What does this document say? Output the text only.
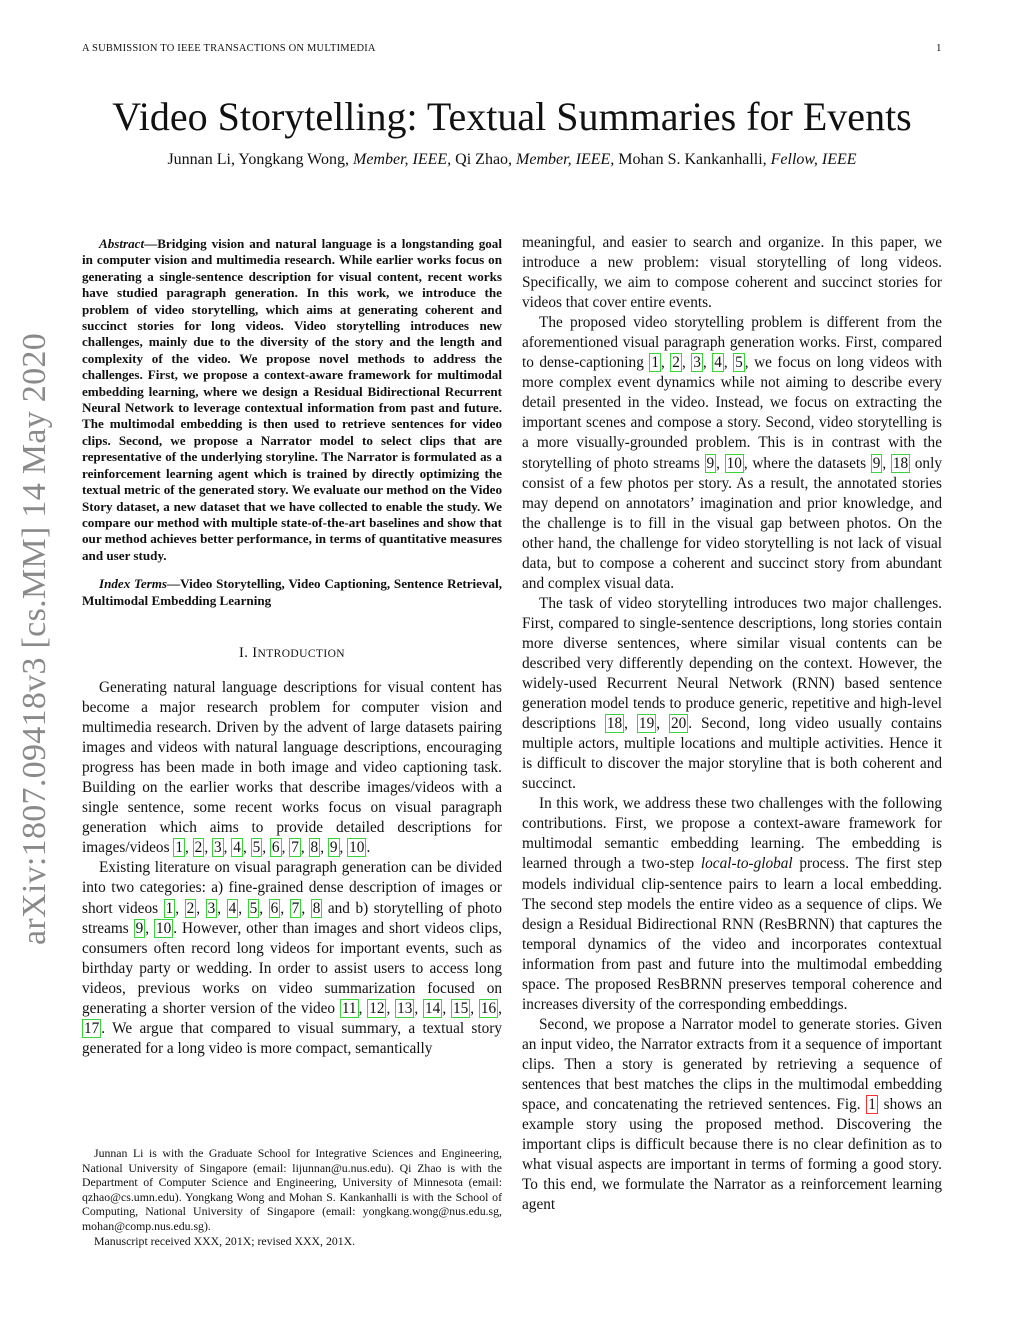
A SUBMISSION TO IEEE TRANSACTIONS ON MULTIMEDIA	1
Video Storytelling: Textual Summaries for Events
Junnan Li, Yongkang Wong, Member, IEEE, Qi Zhao, Member, IEEE, Mohan S. Kankanhalli, Fellow, IEEE
arXiv:1807.09418v3 [cs.MM] 14 May 2020

Abstract—Bridging vision and natural language is a longstanding goal in computer vision and multimedia research. While earlier works focus on generating a single-sentence description for visual content, recent works have studied paragraph generation. In this work, we introduce the problem of video storytelling, which aims at generating coherent and succinct stories for long videos. Video storytelling introduces new challenges, mainly due to the diversity of the story and the length and complexity of the video. We propose novel methods to address the challenges. First, we propose a context-aware framework for multimodal embedding learning, where we design a Residual Bidirectional Recurrent Neural Network to leverage contextual information from past and future. The multimodal embedding is then used to retrieve sentences for video clips. Second, we propose a Narrator model to select clips that are representative of the underlying storyline. The Narrator is formulated as a reinforcement learning agent which is trained by directly optimizing the textual metric of the generated story. We evaluate our method on the Video Story dataset, a new dataset that we have collected to enable the study. We compare our method with multiple state-of-the-art baselines and show that our method achieves better performance, in terms of quantitative measures and user study.

Index Terms—Video Storytelling, Video Captioning, Sentence Retrieval, Multimodal Embedding Learning

I. INTRODUCTION

Generating natural language descriptions for visual content has become a major research problem for computer vision and multimedia research. Driven by the advent of large datasets pairing images and videos with natural language descriptions, encouraging progress has been made in both image and video captioning task. Building on the earlier works that describe images/videos with a single sentence, some recent works focus on visual paragraph generation which aims to provide detailed descriptions for images/videos 1 , 2 , 3 , 4 , 5 , 6 , 7 , 8 , 9 , 10 .

Existing literature on visual paragraph generation can be divided into two categories: a) fine-grained dense description of images or short videos 1 , 2 , 3 , 4 , 5 , 6 , 7 , 8 and b) storytelling of photo streams 9 , 10 . However, other than images and short videos clips, consumers often record long videos for important events, such as birthday party or wedding. In order to assist users to access long videos, previous works on video summarization focused on generating a shorter version of the video 11 , 12 , 13 , 14 , 15 , 16 , 17 . We argue that compared to visual summary, a textual story generated for a long video is more compact, semantically

Junnan Li is with the Graduate School for Integrative Sciences and Engineering, National University of Singapore (email: lijunnan@u.nus.edu). Qi Zhao is with the Department of Computer Science and Engineering, University of Minnesota (email: qzhao@cs.umn.edu). Yongkang Wong and Mohan S. Kankanhalli is with the School of Computing, National University of Singapore (email: yongkang.wong@nus.edu.sg, mohan@comp.nus.edu.sg).

Manuscript received XXX, 201X; revised XXX, 201X.

meaningful, and easier to search and organize. In this paper, we introduce a new problem: visual storytelling of long videos. Specifically, we aim to compose coherent and succinct stories for videos that cover entire events.

The proposed video storytelling problem is different from the aforementioned visual paragraph generation works. First, compared to dense-captioning 1 , 2 , 3 , 4 , 5 , we focus on long videos with more complex event dynamics while not aiming to describe every detail presented in the video. Instead, we focus on extracting the important scenes and compose a story. Second, video storytelling is a more visually-grounded problem. This is in contrast with the storytelling of photo streams 9 , 10 , where the datasets 9 , 18 only consist of a few photos per story. As a result, the annotated stories may depend on annotators’ imagination and prior knowledge, and the challenge is to fill in the visual gap between photos. On the other hand, the challenge for video storytelling is not lack of visual data, but to compose a coherent and succinct story from abundant and complex visual data.

The task of video storytelling introduces two major challenges. First, compared to single-sentence descriptions, long stories contain more diverse sentences, where similar visual contents can be described very differently depending on the context. However, the widely-used Recurrent Neural Network (RNN) based sentence generation model tends to produce generic, repetitive and high-level descriptions 18 , 19 , 20 . Second, long video usually contains multiple actors, multiple locations and multiple activities. Hence it is difficult to discover the major storyline that is both coherent and succinct.

In this work, we address these two challenges with the following contributions. First, we propose a context-aware framework for multimodal semantic embedding learning. The embedding is learned through a two-step local-to-global process. The first step models individual clip-sentence pairs to learn a local embedding. The second step models the entire video as a sequence of clips. We design a Residual Bidirectional RNN (ResBRNN) that captures the temporal dynamics of the video and incorporates contextual information from past and future into the multimodal embedding space. The proposed ResBRNN preserves temporal coherence and increases diversity of the corresponding embeddings.

Second, we propose a Narrator model to generate stories. Given an input video, the Narrator extracts from it a sequence of important clips. Then a story is generated by retrieving a sequence of sentences that best matches the clips in the multimodal embedding space, and concatenating the retrieved sentences. Fig. 1 shows an example story using the proposed method. Discovering the important clips is difficult because there is no clear definition as to what visual aspects are important in terms of forming a good story. To this end, we formulate the Narrator as a reinforcement learning agent
